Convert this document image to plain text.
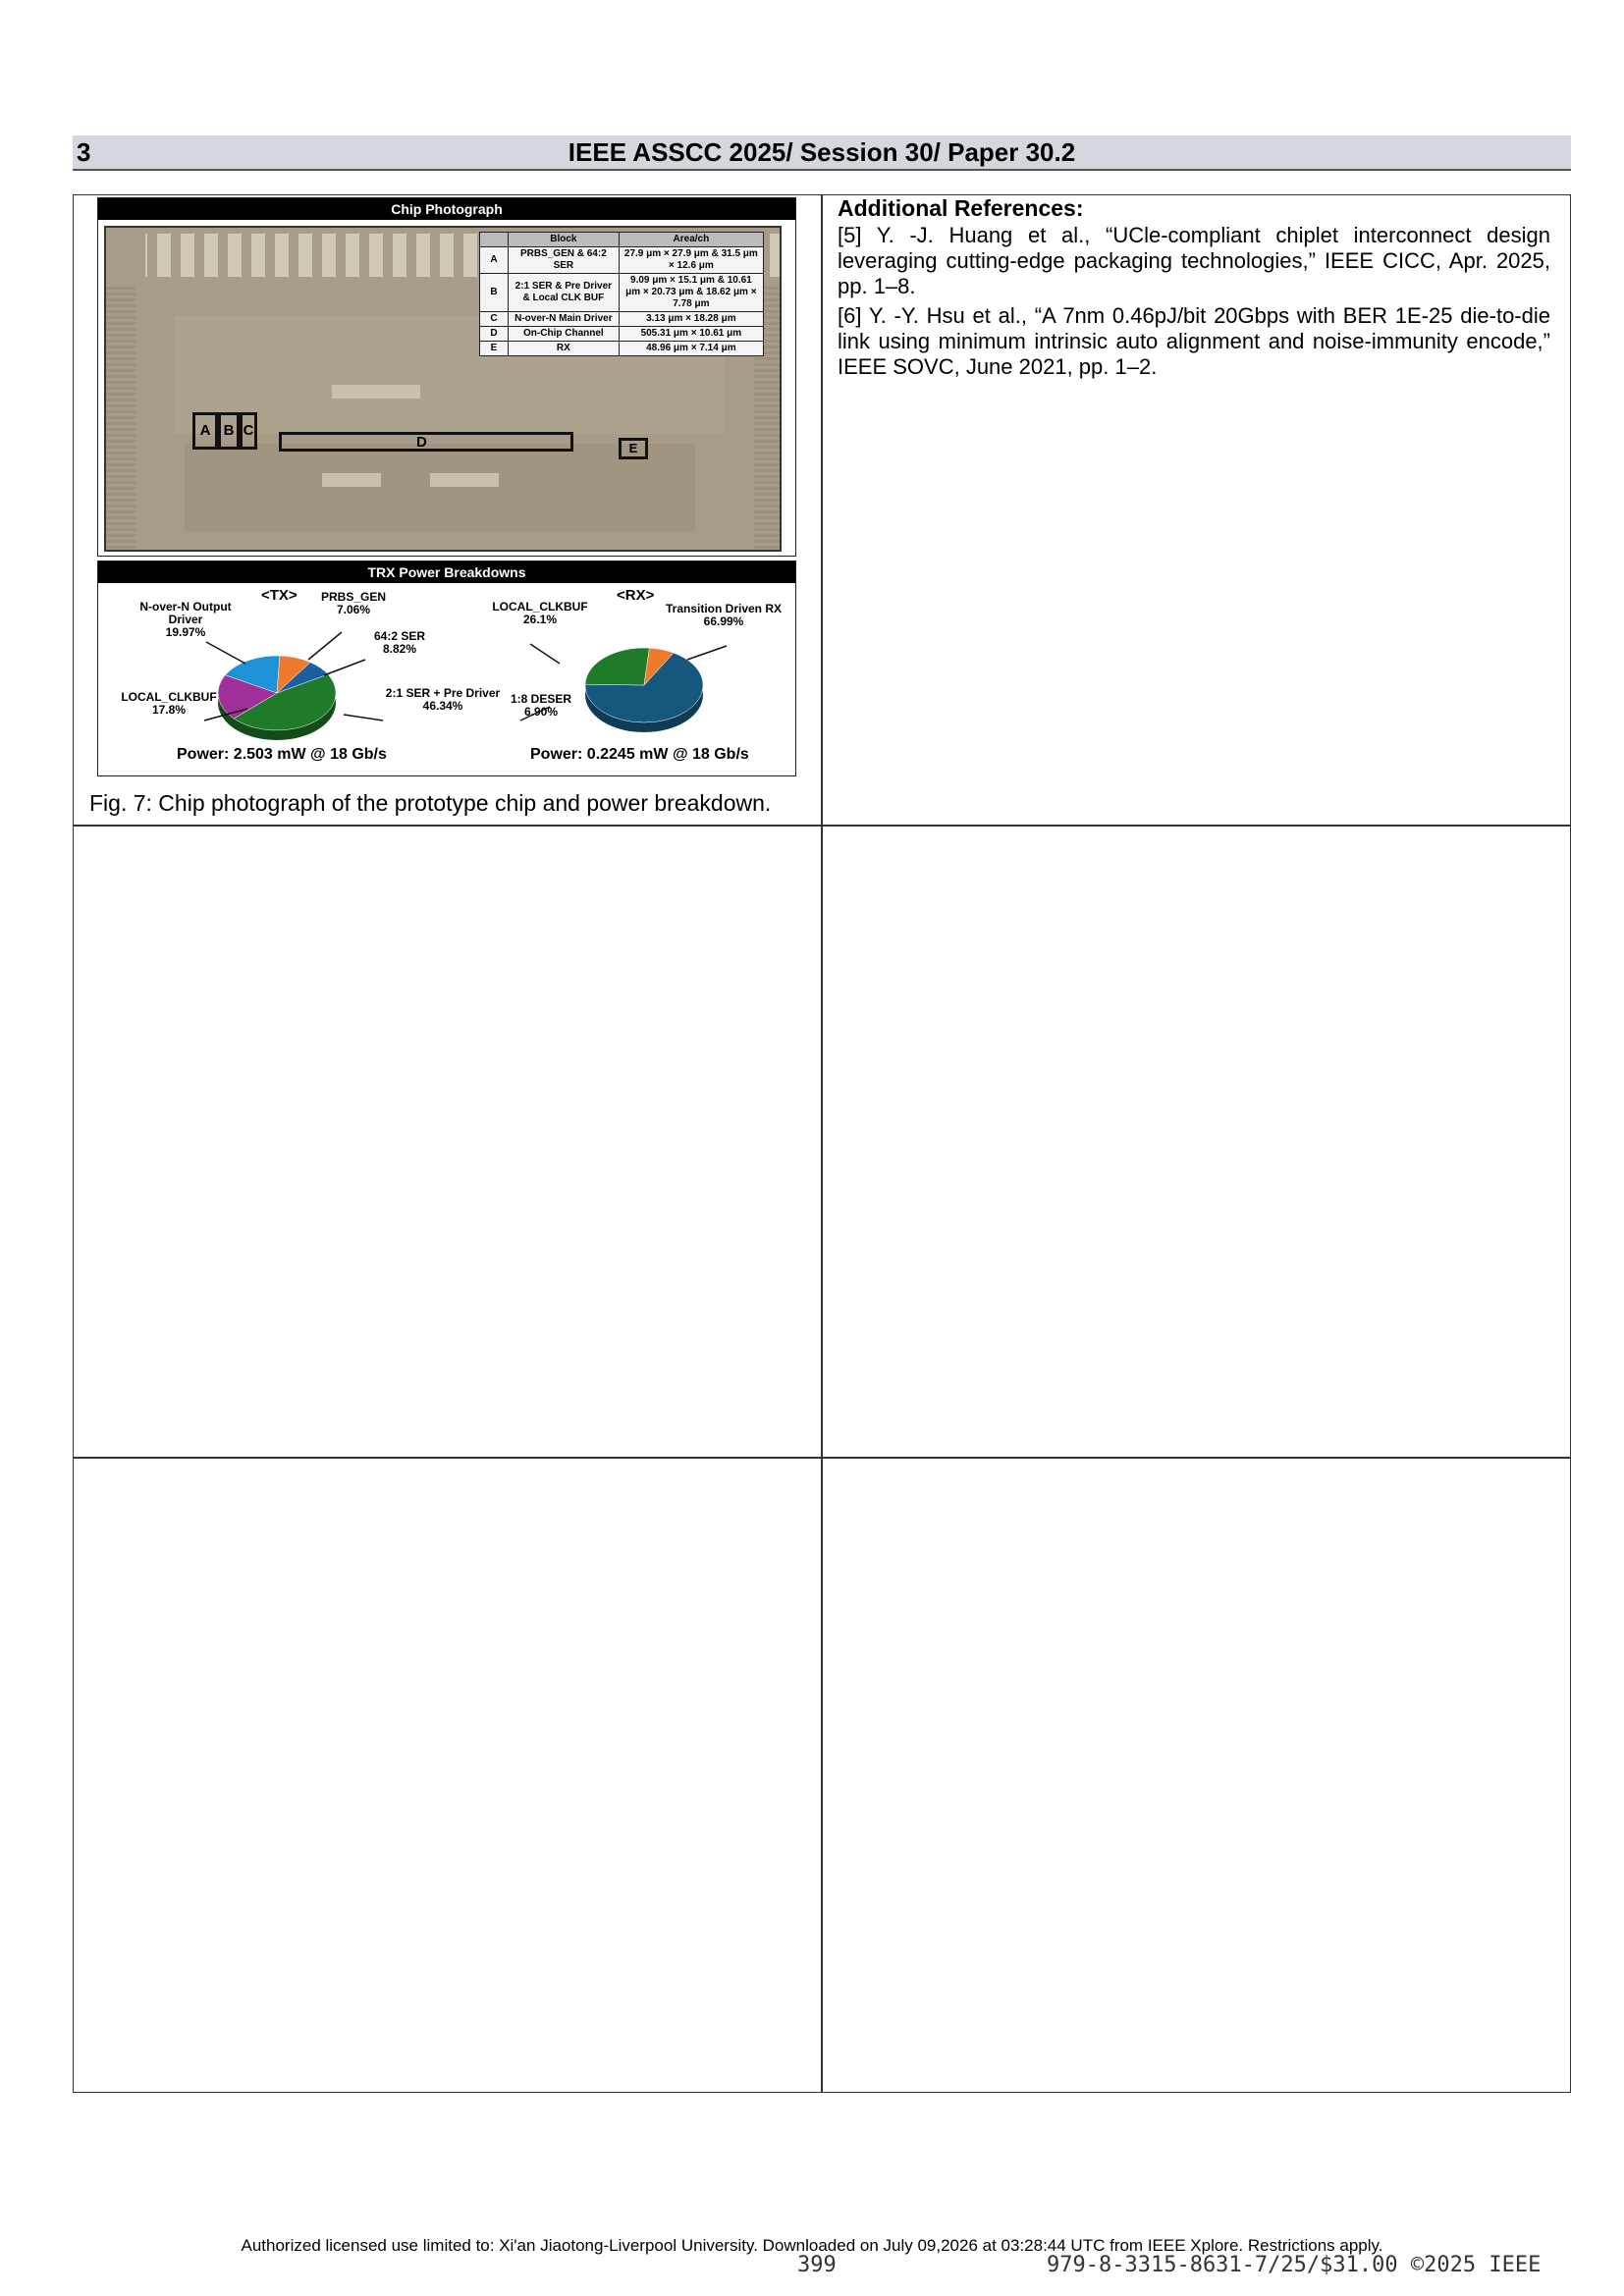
3	IEEE ASSCC 2025/ Session 30/ Paper 30.2
Chip Photograph
A B C
D	E
	Block	Area/ch
A	PRBS_GEN & 64:2 SER	27.9 μm × 27.9 μm & 31.5 μm × 12.6 μm
B	2:1 SER & Pre Driver & Local CLK BUF	9.09 μm × 15.1 μm & 10.61 μm × 20.73 μm & 18.62 μm × 7.78 μm
C	N-over-N Main Driver	3.13 μm × 18.28 μm
D	On-Chip Channel	505.31 μm × 10.61 μm
E	RX	48.96 μm × 7.14 μm
TRX Power Breakdowns
<TX>
N-over-N Output Driver
19.97%
PRBS_GEN
7.06%
64:2 SER
8.82%
LOCAL_CLKBUF
17.8%
2:1 SER + Pre Driver
46.34%
<RX>
LOCAL_CLKBUF
26.1%
Transition Driven RX
66.99%
1:8 DESER
6.90%
Power: 2.503 mW @ 18 Gb/s	Power: 0.2245 mW @ 18 Gb/s
Fig. 7: Chip photograph of the prototype chip and power breakdown.
Additional References:

[5] Y. -J. Huang et al., “UCle-compliant chiplet interconnect design leveraging cutting-edge packaging technologies,” IEEE CICC, Apr. 2025, pp. 1–8.

[6] Y. -Y. Hsu et al., “A 7nm 0.46pJ/bit 20Gbps with BER 1E-25 die-to-die link using minimum intrinsic auto alignment and noise-immunity encode,” IEEE SOVC, June 2021, pp. 1–2.

Authorized licensed use limited to: Xi'an Jiaotong-Liverpool University. Downloaded on July 09,2026 at 03:28:44 UTC from IEEE Xplore. Restrictions apply.
399	979-8-3315-8631-7/25/$31.00 ©2025 IEEE
